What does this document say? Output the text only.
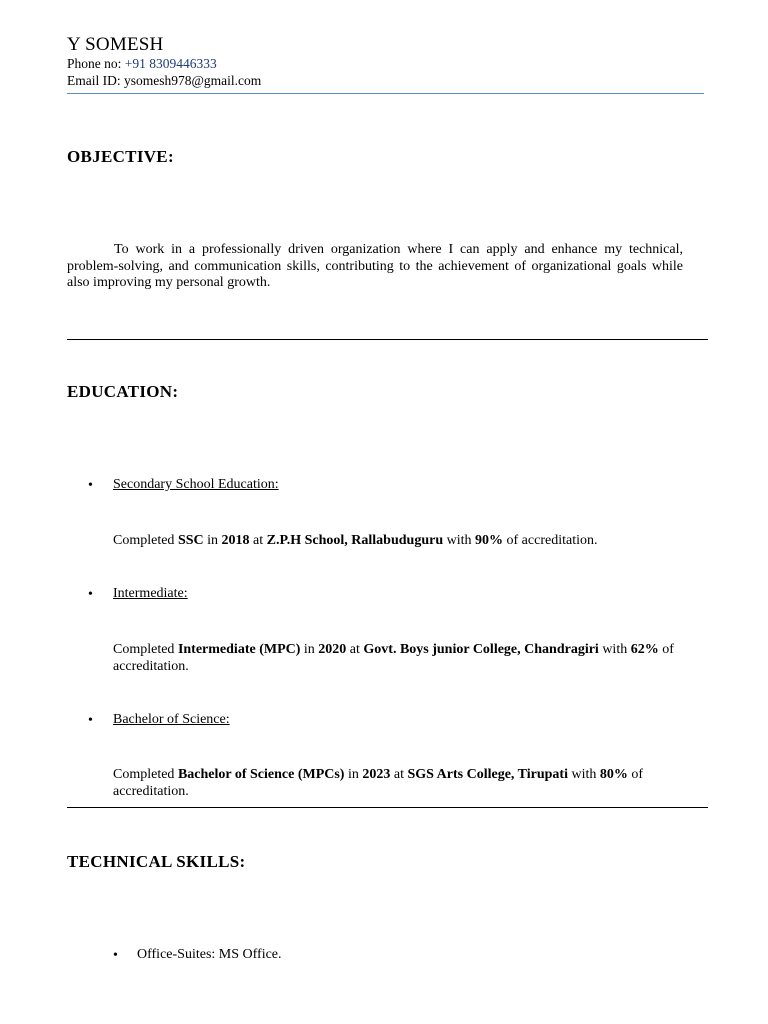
Y SOMESH
Phone no: +91 8309446333
Email ID: ysomesh978@gmail.com
OBJECTIVE:
To work in a professionally driven organization where I can apply and enhance my technical, problem-solving, and communication skills, contributing to the achievement of organizational goals while also improving my personal growth.
EDUCATION:
• Secondary School Education:
Completed SSC in 2018 at Z.P.H School, Rallabuduguru with 90% of accreditation.
• Intermediate:
Completed Intermediate (MPC) in 2020 at Govt. Boys junior College, Chandragiri with 62% of accreditation.
• Bachelor of Science:
Completed Bachelor of Science (MPCs) in 2023 at SGS Arts College, Tirupati with 80% of accreditation.
TECHNICAL SKILLS:
• Office-Suites: MS Office.
